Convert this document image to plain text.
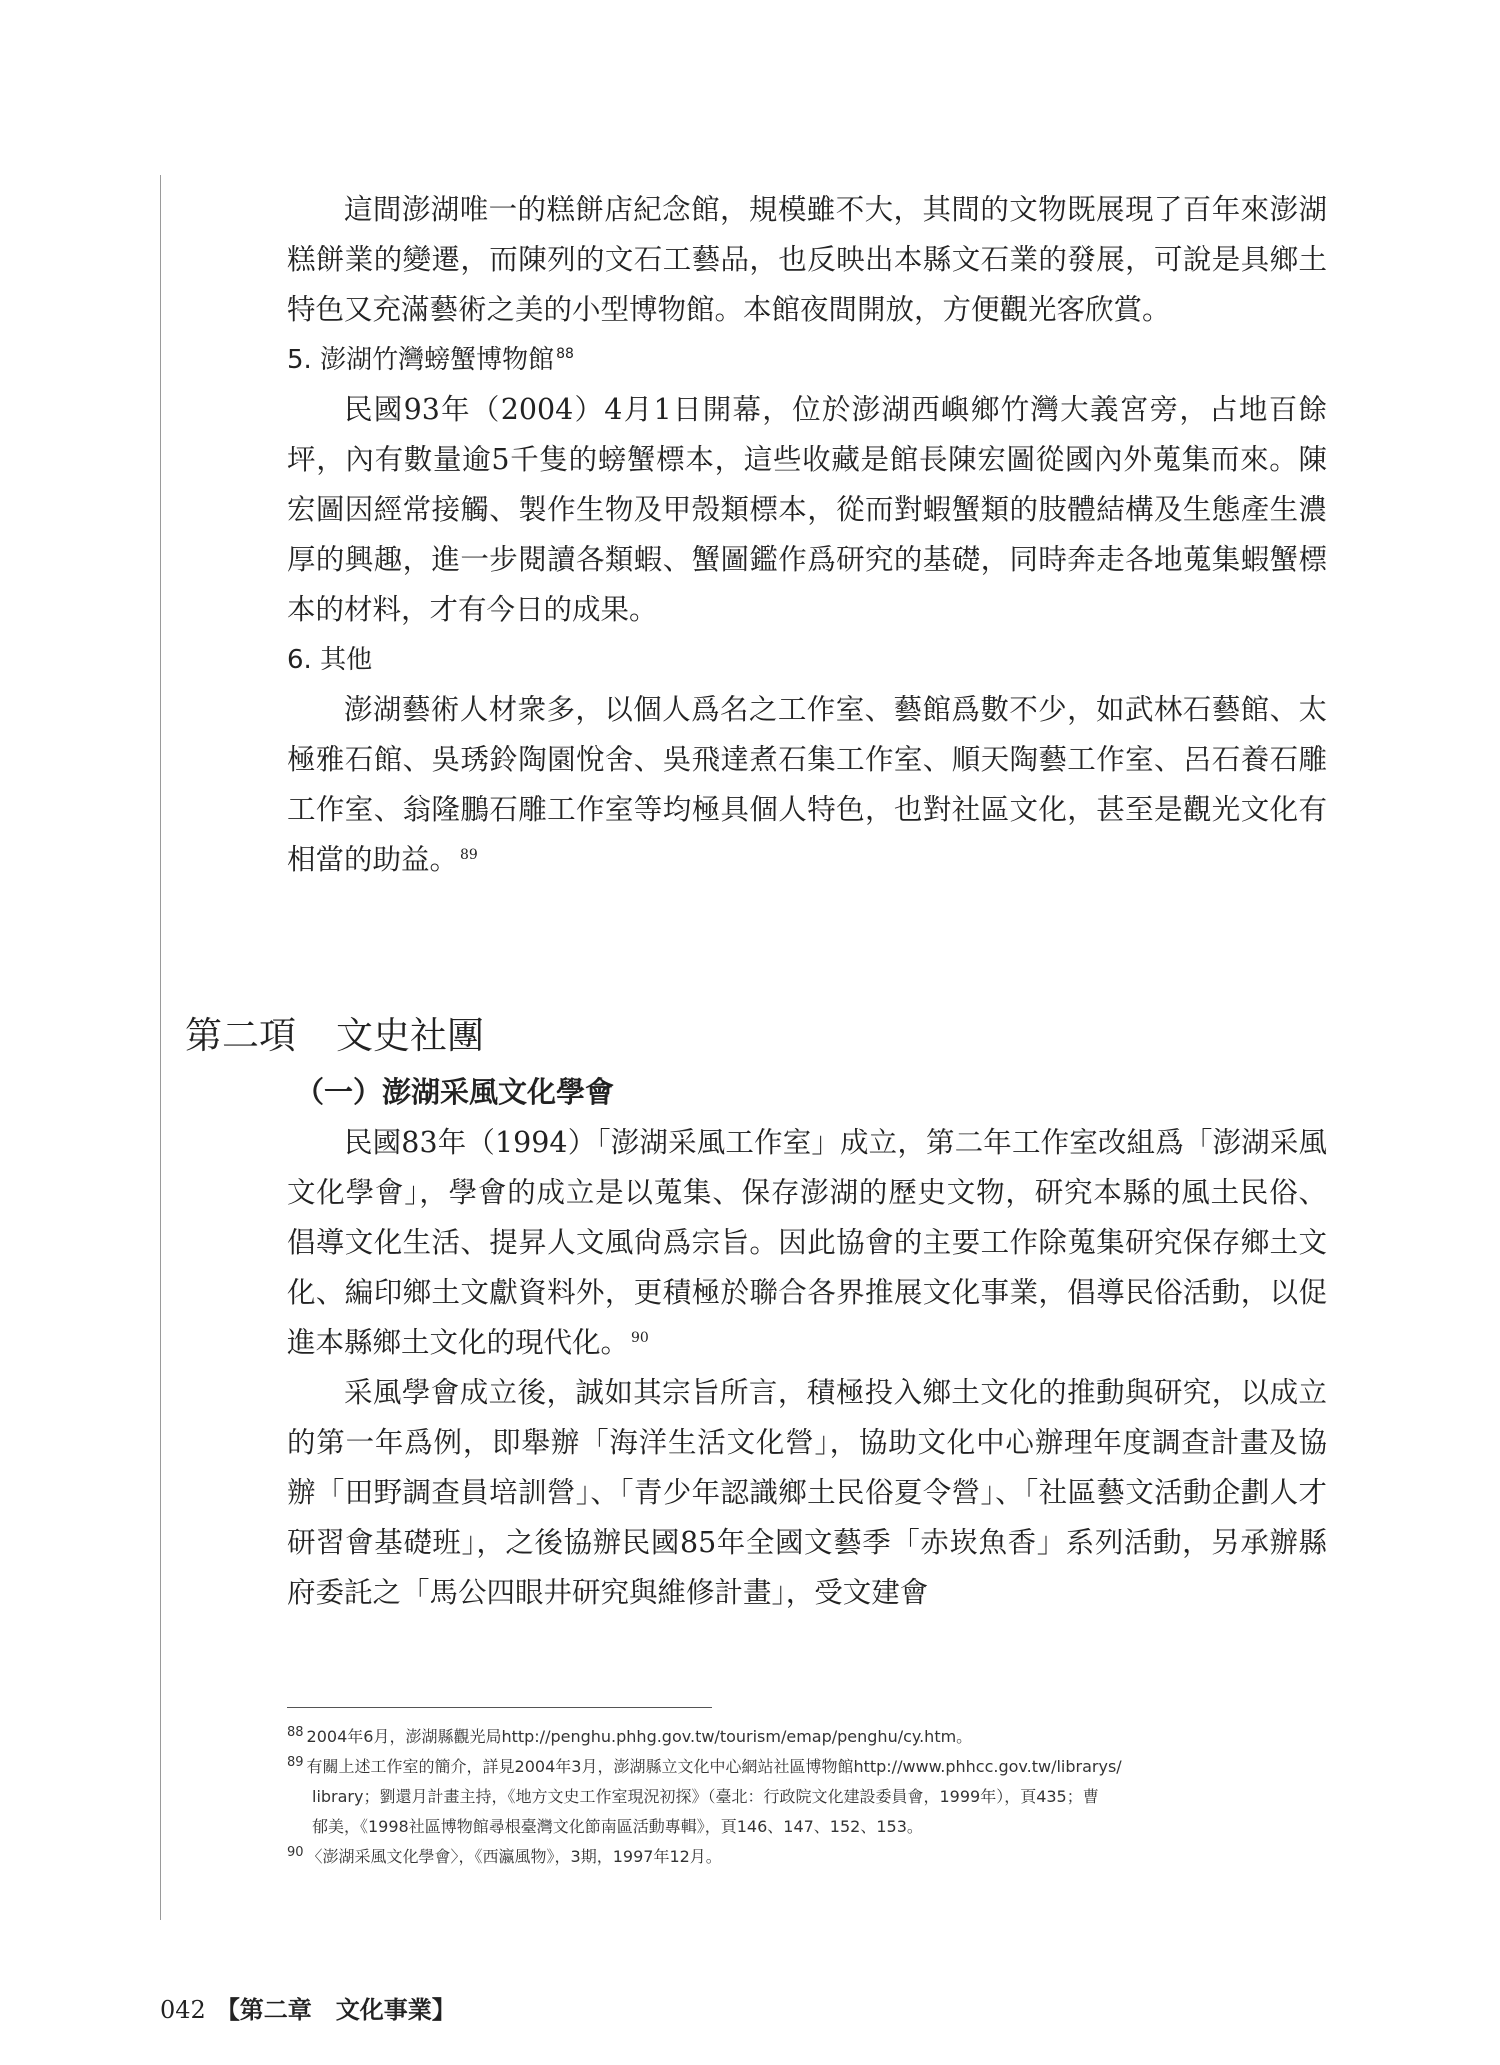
這間澎湖唯一的糕餅店紀念館，規模雖不大，其間的文物既展現了百年來澎湖糕餅業的變遷，而陳列的文石工藝品，也反映出本縣文石業的發展，可說是具鄉土特色又充滿藝術之美的小型博物館。本館夜間開放，方便觀光客欣賞。

5. 澎湖竹灣螃蟹博物館 $^{88}$

民國93年（2004）4月1日開幕，位於澎湖西嶼鄉竹灣大義宮旁，占地百餘坪，內有數量逾5千隻的螃蟹標本，這些收藏是館長陳宏圖從國內外蒐集而來。陳宏圖因經常接觸、製作生物及甲殼類標本，從而對蝦蟹類的肢體結構及生態產生濃厚的興趣，進一步閱讀各類蝦、蟹圖鑑作爲研究的基礎，同時奔走各地蒐集蝦蟹標本的材料，才有今日的成果。

6. 其他

澎湖藝術人材衆多，以個人爲名之工作室、藝館爲數不少，如武林石藝館、太極雅石館、吳琇鈴陶園悅舍、吳飛達煮石集工作室、順天陶藝工作室、呂石養石雕工作室、翁隆鵬石雕工作室等均極具個人特色，也對社區文化，甚至是觀光文化有相當的助益。 $^{89}$

第二項 文史社團
（一）澎湖采風文化學會

民國83年（1994）「澎湖采風工作室」成立，第二年工作室改組爲「澎湖采風文化學會」，學會的成立是以蒐集、保存澎湖的歷史文物，研究本縣的風土民俗、倡導文化生活、提昇人文風尙爲宗旨。因此協會的主要工作除蒐集研究保存鄉土文化、編印鄉土文獻資料外，更積極於聯合各界推展文化事業，倡導民俗活動，以促進本縣鄉土文化的現代化。 $^{90}$

采風學會成立後，誠如其宗旨所言，積極投入鄉土文化的推動與研究，以成立的第一年爲例，即舉辦「海洋生活文化營」，協助文化中心辦理年度調查計畫及協辦「田野調查員培訓營」、「青少年認識鄉土民俗夏令營」、「社區藝文活動企劃人才研習會基礎班」，之後協辦民國85年全國文藝季「赤崁魚香」系列活動，另承辦縣府委託之「馬公四眼井研究與維修計畫」，受文建會

$^{88}$ 2004年6月，澎湖縣觀光局http://penghu.phhg.gov.tw/tourism/emap/penghu/cy.htm。

$^{89}$ 有關上述工作室的簡介，詳見2004年3月，澎湖縣立文化中心網站社區博物館http://www.phhcc.gov.tw/librarys/

library；劉還月計畫主持，《地方文史工作室現況初探》（臺北：行政院文化建設委員會，1999年），頁435；曹

郁美，《1998社區博物館尋根臺灣文化節南區活動專輯》，頁146、147、152、153。

$^{90}$ 〈澎湖采風文化學會〉，《西瀛風物》，3期，1997年12月。

042 【第二章　文化事業】
